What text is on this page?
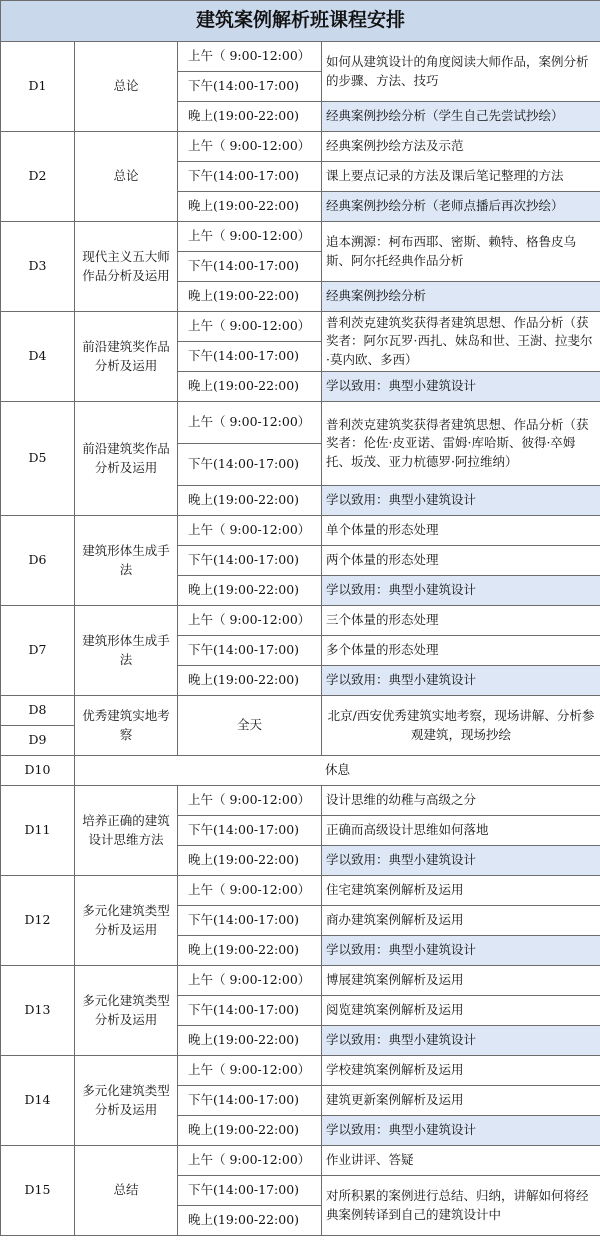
建筑案例解析班课程安排			
D1	总论	上午（ 9:00-12:00）	如何从建筑设计的角度阅读大师作品，案例分析的步骤、方法、技巧
		下午(14:00-17:00)	
		晚上(19:00-22:00)	经典案例抄绘分析（学生自己先尝试抄绘）
D2	总论	上午（ 9:00-12:00）	经典案例抄绘方法及示范
		下午(14:00-17:00)	课上要点记录的方法及课后笔记整理的方法
		晚上(19:00-22:00)	经典案例抄绘分析（老师点播后再次抄绘）
D3	现代主义五大师作品分析及运用	上午（ 9:00-12:00）	追本溯源：柯布西耶、密斯、赖特、格鲁皮乌斯、阿尔托经典作品分析
		下午(14:00-17:00)	
		晚上(19:00-22:00)	经典案例抄绘分析
D4	前沿建筑奖作品分析及运用	上午（ 9:00-12:00）	普利茨克建筑奖获得者建筑思想、作品分析（获奖者：阿尔瓦罗·西扎、妹岛和世、王澍、拉斐尔·莫内欧、多西）
		下午(14:00-17:00)	
		晚上(19:00-22:00)	学以致用：典型小建筑设计
D5	前沿建筑奖作品分析及运用	上午（ 9:00-12:00）	普利茨克建筑奖获得者建筑思想、作品分析（获奖者：伦佐·皮亚诺、雷姆·库哈斯、彼得·卒姆托、坂茂、亚力杭德罗·阿拉维纳）
		下午(14:00-17:00)	
		晚上(19:00-22:00)	学以致用：典型小建筑设计
D6	建筑形体生成手法	上午（ 9:00-12:00）	单个体量的形态处理
		下午(14:00-17:00)	两个体量的形态处理
		晚上(19:00-22:00)	学以致用：典型小建筑设计
D7	建筑形体生成手法	上午（ 9:00-12:00）	三个体量的形态处理
		下午(14:00-17:00)	多个体量的形态处理
		晚上(19:00-22:00)	学以致用：典型小建筑设计
D8	优秀建筑实地考察	全天	北京/西安优秀建筑实地考察，现场讲解、分析参观建筑，现场抄绘
D9			
D10	休息		
D11	培养正确的建筑设计思维方法	上午（ 9:00-12:00）	设计思维的幼稚与高级之分
		下午(14:00-17:00)	正确而高级设计思维如何落地
		晚上(19:00-22:00)	学以致用：典型小建筑设计
D12	多元化建筑类型分析及运用	上午（ 9:00-12:00）	住宅建筑案例解析及运用
		下午(14:00-17:00)	商办建筑案例解析及运用
		晚上(19:00-22:00)	学以致用：典型小建筑设计
D13	多元化建筑类型分析及运用	上午（ 9:00-12:00）	博展建筑案例解析及运用
		下午(14:00-17:00)	阅览建筑案例解析及运用
		晚上(19:00-22:00)	学以致用：典型小建筑设计
D14	多元化建筑类型分析及运用	上午（ 9:00-12:00）	学校建筑案例解析及运用
		下午(14:00-17:00)	建筑更新案例解析及运用
		晚上(19:00-22:00)	学以致用：典型小建筑设计
D15	总结	上午（ 9:00-12:00）	作业讲评、答疑
		下午(14:00-17:00)	对所积累的案例进行总结、归纳，讲解如何将经典案例转译到自己的建筑设计中
		晚上(19:00-22:00)	
